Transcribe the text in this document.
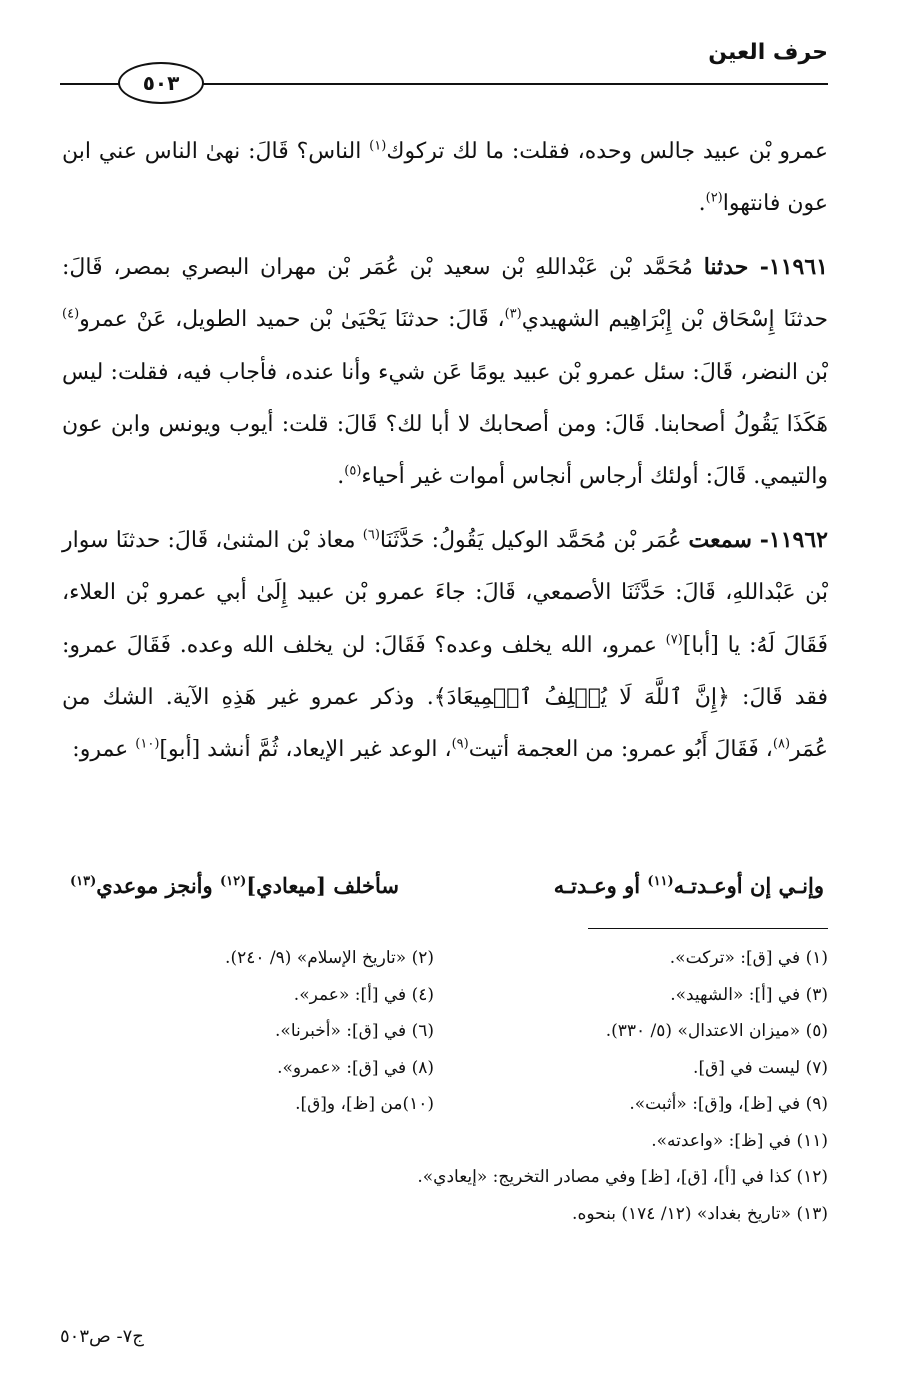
حرف العين
٥٠٣

عمرو بْن عبيد جالس وحده، فقلت: ما لك تركوك$^{(١)}$ الناس؟ قَالَ: نهىٰ الناس عني ابن عون فانتهوا$^{(٢)}$.

١١٩٦١- حدثنا مُحَمَّد بْن عَبْداللهِ بْن سعيد بْن عُمَر بْن مهران البصري بمصر، قَالَ: حدثنَا إِسْحَاق بْن إِبْرَاهِيم الشهيدي$^{(٣)}$، قَالَ: حدثنَا يَحْيَىٰ بْن حميد الطويل، عَنْ عمرو$^{(٤)}$ بْن النضر، قَالَ: سئل عمرو بْن عبيد يومًا عَن شيء وأنا عنده، فأجاب فيه، فقلت: ليس هَكَذَا يَقُولُ أصحابنا. قَالَ: ومن أصحابك لا أبا لك؟ قَالَ: قلت: أيوب ويونس وابن عون والتيمي. قَالَ: أولئك أرجاس أنجاس أموات غير أحياء$^{(٥)}$.

١١٩٦٢- سمعت عُمَر بْن مُحَمَّد الوكيل يَقُولُ: حَدَّثَنَا$^{(٦)}$ معاذ بْن المثنىٰ، قَالَ: حدثنَا سوار بْن عَبْداللهِ، قَالَ: حَدَّثَنَا الأصمعي، قَالَ: جاءَ عمرو بْن عبيد إِلَىٰ أبي عمرو بْن العلاء، فَقَالَ لَهُ: يا [أبا]$^{(٧)}$ عمرو، الله يخلف وعده؟ فَقَالَ: لن يخلف الله وعده. فَقَالَ عمرو: فقد قَالَ: ﴿إِنَّ ٱللَّهَ لَا يُخۡلِفُ ٱلۡمِيعَادَ﴾. وذكر عمرو غير هَذِهِ الآية. الشك من عُمَر$^{(٨)}$، فَقَالَ أَبُو عمرو: من العجمة أتيت$^{(٩)}$، الوعد غير الإيعاد، ثُمَّ أنشد [أبو]$^{(١٠)}$ عمرو:

وإنـي إن أوعـدتـه$^{(١١)}$ أو وعـدتـه
سأخلف [ميعادي]$^{(١٢)}$ وأنجز موعدي$^{(١٣)}$
(١) في [ق]: «تركت».
(٢) «تاريخ الإسلام» (٩/ ٢٤٠).
(٣) في [أ]: «الشهيد».
(٤) في [أ]: «عمر».
(٥) «ميزان الاعتدال» (٥/ ٣٣٠).
(٦) في [ق]: «أخبرنا».
(٧) ليست في [ق].
(٨) في [ق]: «عمرو».
(٩) في [ظ]، و[ق]: «أثبت».
(١٠)من [ظ]، و[ق].
(١١) في [ظ]: «واعدته».
(١٢) كذا في [أ]، [ق]، [ظ] وفي مصادر التخريج: «إيعادي».
(١٣) «تاريخ بغداد» (١٢/ ١٧٤) بنحوه.
ج٧- ص٥٠٣
